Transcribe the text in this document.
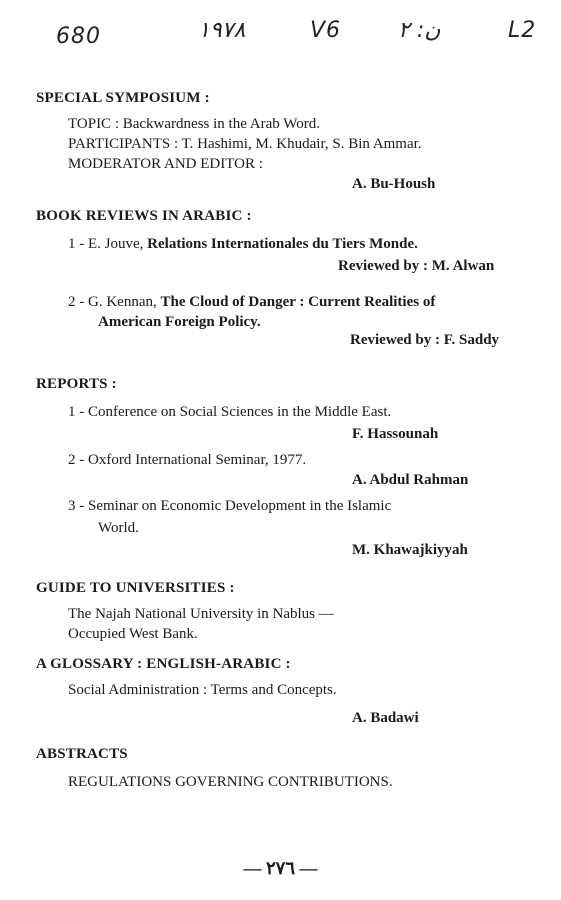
680	١٩٧٨	V6	ن: ٢	L2
SPECIAL SYMPOSIUM :
TOPIC : Backwardness in the Arab Word.
PARTICIPANTS : T. Hashimi, M. Khudair, S. Bin Ammar.
MODERATOR AND EDITOR :
A. Bu-Housh
BOOK REVIEWS IN ARABIC :
1 - E. Jouve, Relations Internationales du Tiers Monde.
Reviewed by : M. Alwan
2 - G. Kennan, The Cloud of Danger : Current Realities of
American Foreign Policy.
Reviewed by : F. Saddy
REPORTS :
1 - Conference on Social Sciences in the Middle East.
F. Hassounah
2 - Oxford International Seminar, 1977.
A. Abdul Rahman
3 - Seminar on Economic Development in the Islamic
World.
M. Khawajkiyyah
GUIDE TO UNIVERSITIES :
The Najah National University in Nablus —
Occupied West Bank.
A GLOSSARY : ENGLISH-ARABIC :
Social Administration : Terms and Concepts.
A. Badawi
ABSTRACTS
REGULATIONS GOVERNING CONTRIBUTIONS.
— ٢٧٦ —
